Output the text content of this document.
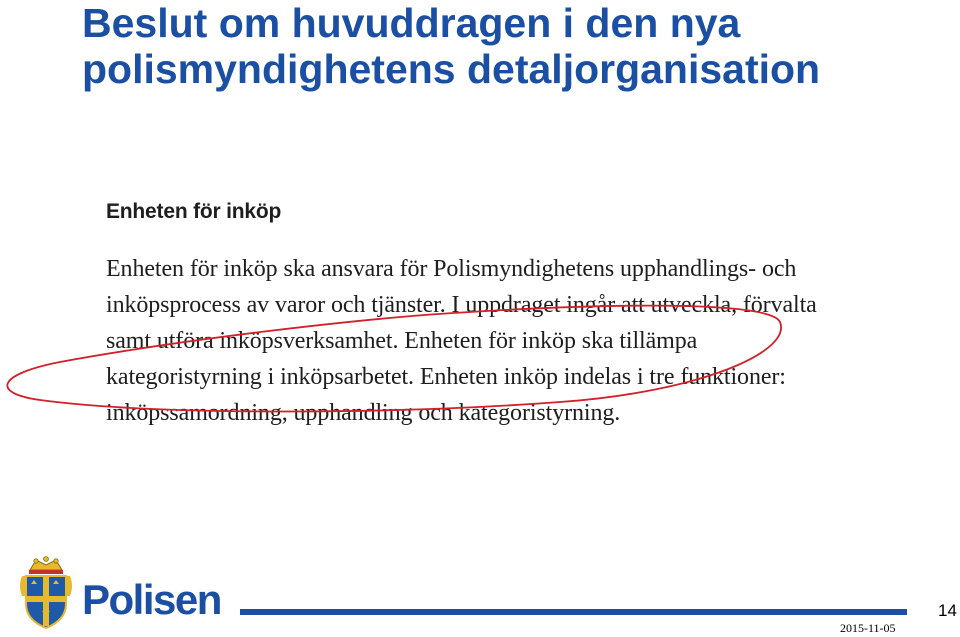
Beslut om huvuddragen i den nya
polismyndighetens detaljorganisation
Enheten för inköp
Enheten för inköp ska ansvara för Polismyndighetens upphandlings- och
inköpsprocess av varor och tjänster. I uppdraget ingår att utveckla, förvalta
samt utföra inköpsverksamhet. Enheten för inköp ska tillämpa
kategoristyrning i inköpsarbetet. Enheten inköp indelas i tre funktioner:
inköpssamordning, upphandling och kategoristyrning.
Polisen
2015-11-05
14
